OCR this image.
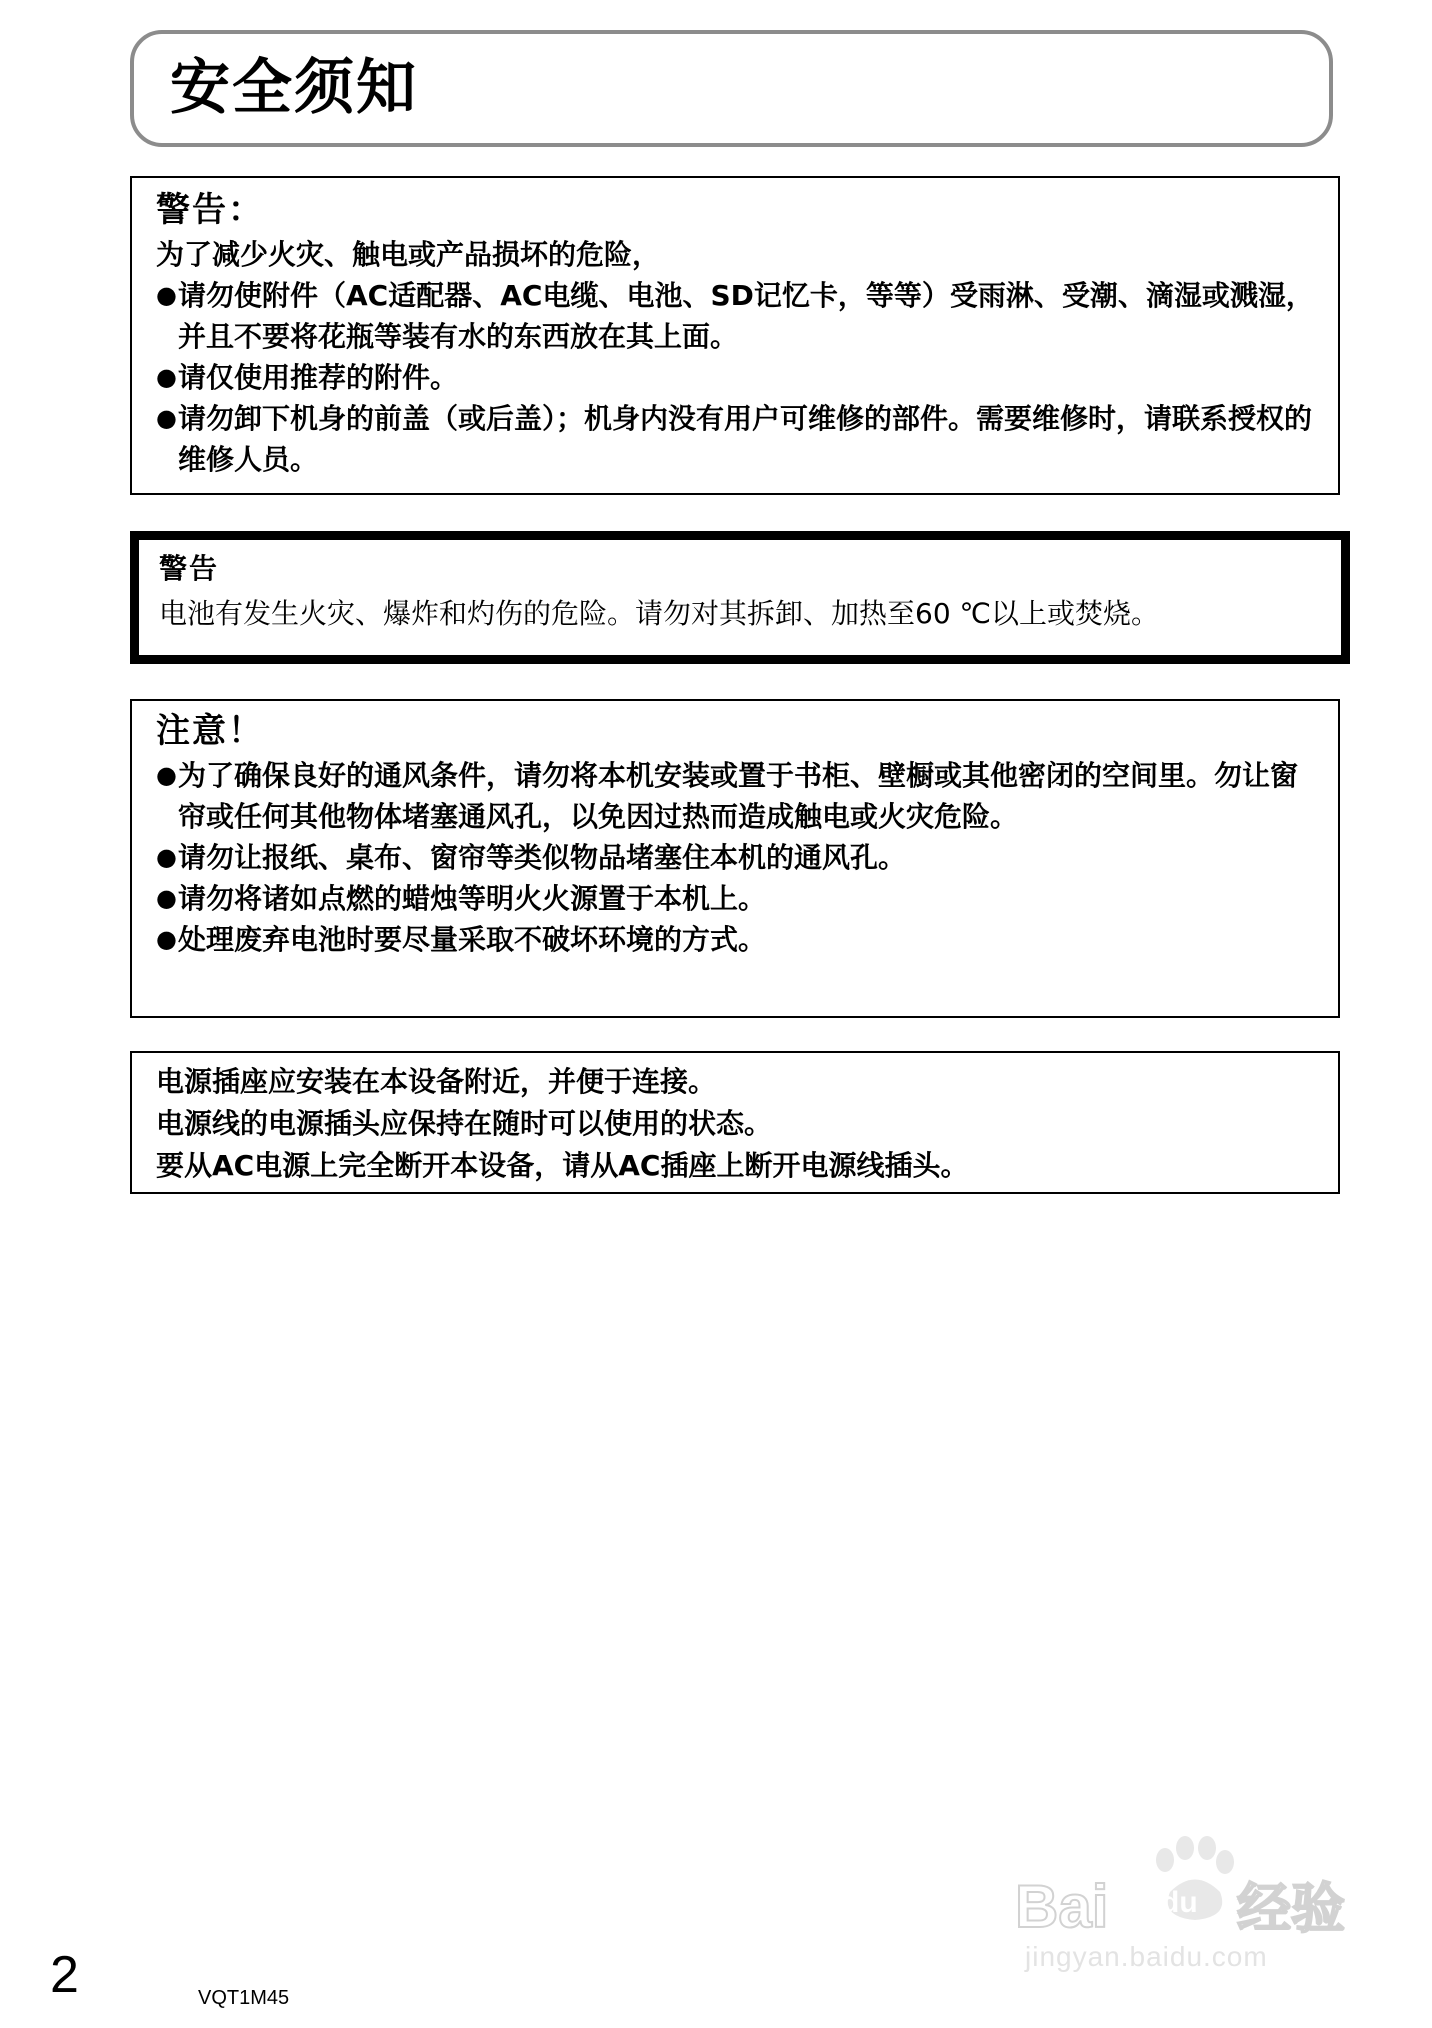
安全须知
警告：

为了减少火灾、触电或产品损坏的危险，

● 请勿使附件（AC适配器、AC电缆、电池、SD记忆卡，等等）受雨淋、受潮、滴湿或溅湿，并且不要将花瓶等装有水的东西放在其上面。
● 请仅使用推荐的附件。
● 请勿卸下机身的前盖（或后盖）；机身内没有用户可维修的部件。需要维修时，请联系授权的维修人员。
警告

电池有发生火灾、爆炸和灼伤的危险。请勿对其拆卸、加热至60 ℃以上或焚烧。

注意！
● 为了确保良好的通风条件，请勿将本机安装或置于书柜、壁橱或其他密闭的空间里。勿让窗帘或任何其他物体堵塞通风孔，以免因过热而造成触电或火灾危险。
● 请勿让报纸、桌布、窗帘等类似物品堵塞住本机的通风孔。
● 请勿将诸如点燃的蜡烛等明火火源置于本机上。
● 处理废弃电池时要尽量采取不破坏环境的方式。
电源插座应安装在本设备附近，并便于连接。
电源线的电源插头应保持在随时可以使用的状态。
要从AC电源上完全断开本设备，请从AC插座上断开电源线插头。

2	VQT1M45

Bai du 经验

jingyan.baidu.com
